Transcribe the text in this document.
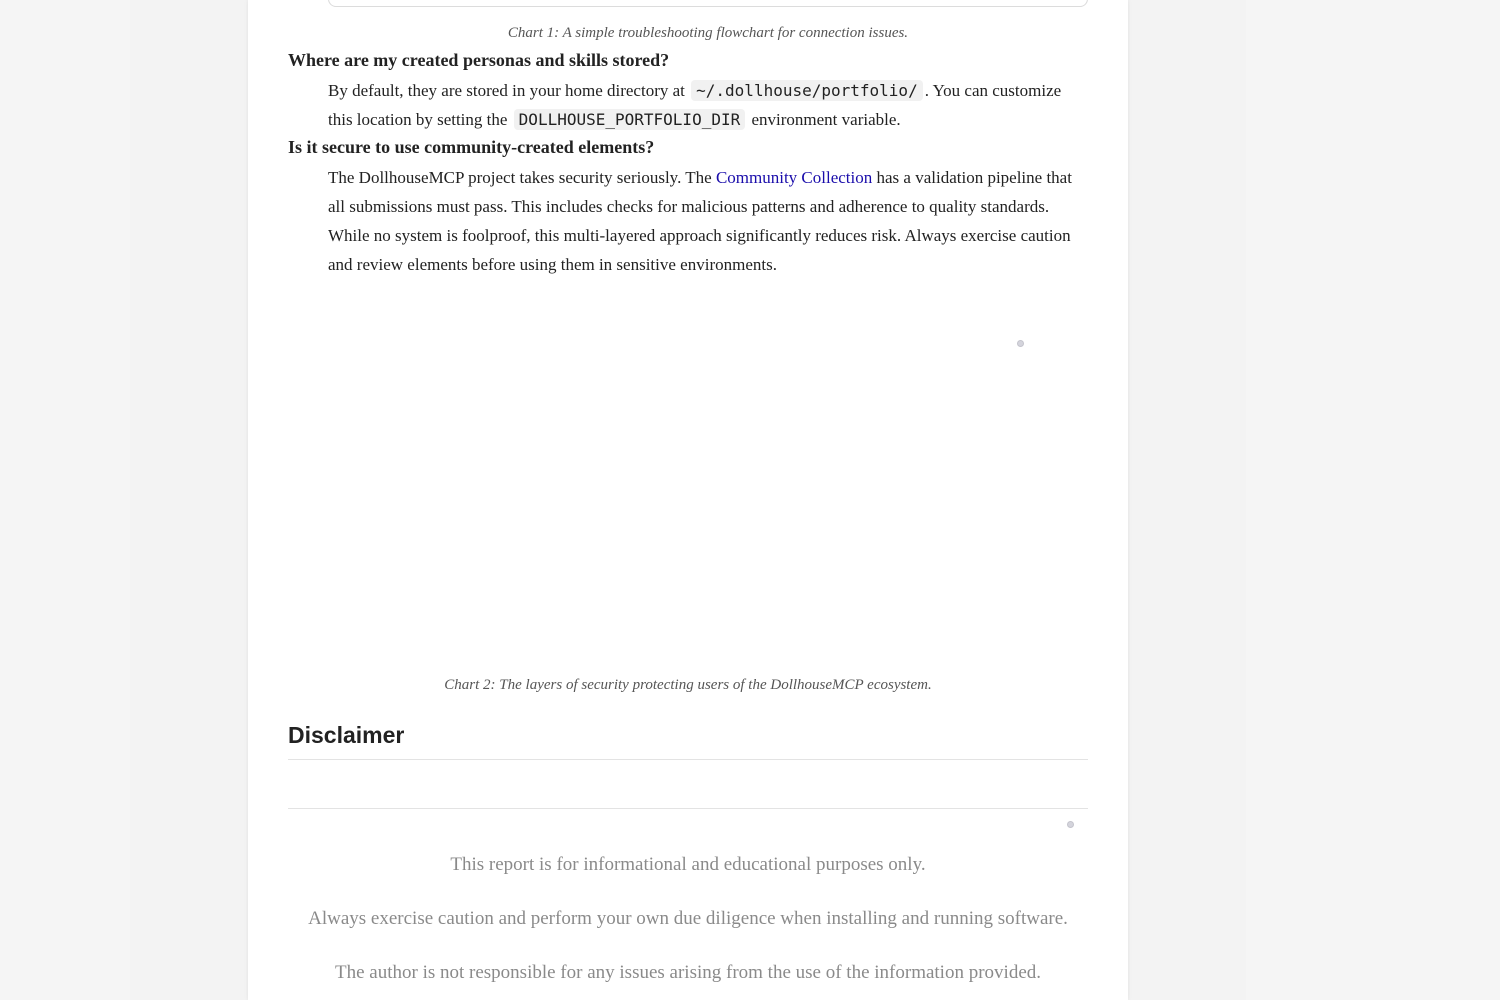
Chart 1: A simple troubleshooting flowchart for connection issues.
Where are my created personas and skills stored?
By default, they are stored in your home directory at ~/.dollhouse/portfolio/ . You can customize this location by setting the DOLLHOUSE_PORTFOLIO_DIR environment variable.
Is it secure to use community-created elements?
The DollhouseMCP project takes security seriously. The Community Collection has a validation pipeline that all submissions must pass. This includes checks for malicious patterns and adherence to quality standards. While no system is foolproof, this multi-layered approach significantly reduces risk. Always exercise caution and review elements before using them in sensitive environments.
Chart 2: The layers of security protecting users of the DollhouseMCP ecosystem.
Disclaimer
This report is for informational and educational purposes only.
Always exercise caution and perform your own due diligence when installing and running software.
The author is not responsible for any issues arising from the use of the information provided.
